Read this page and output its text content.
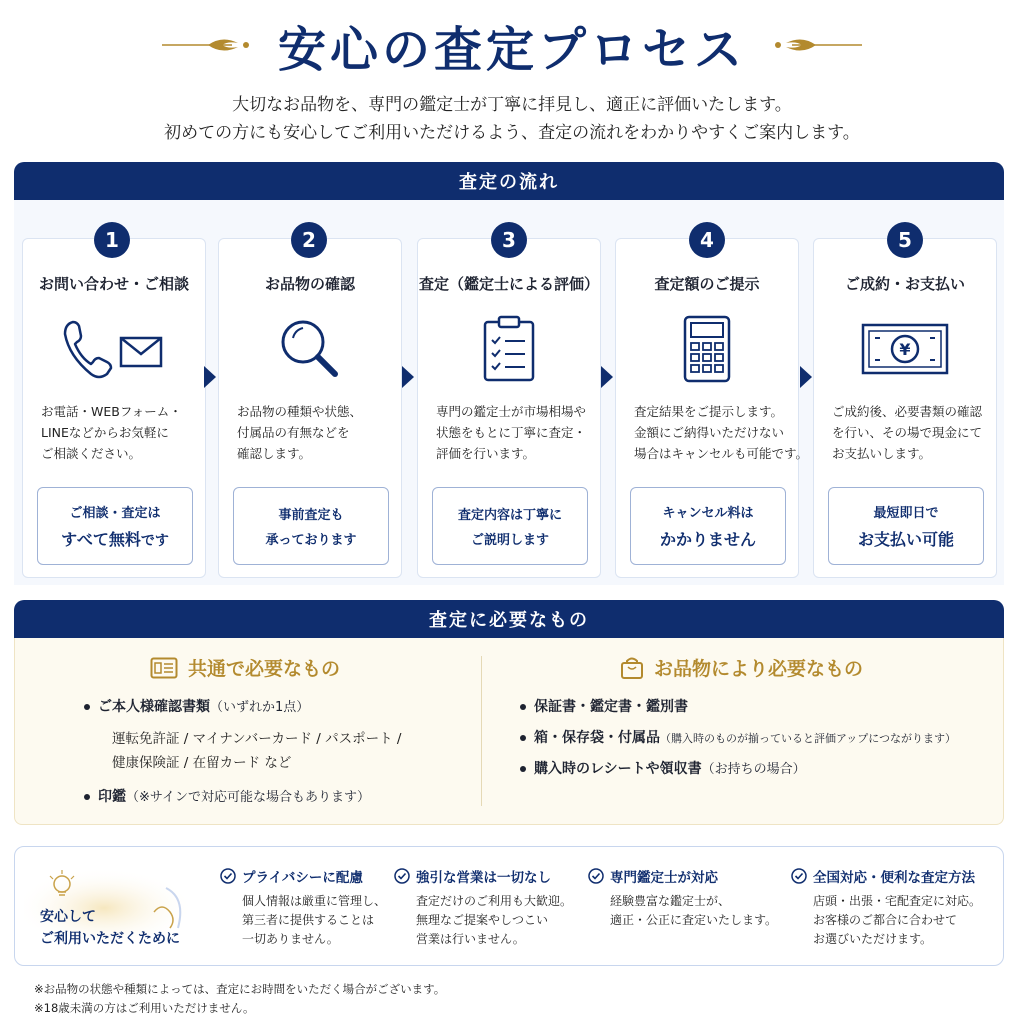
安心の査定プロセス
大切なお品物を、専門の鑑定士が丁寧に拝見し、適正に評価いたします。
初めての方にも安心してご利用いただけるよう、査定の流れをわかりやすくご案内します。
査定の流れ
お問い合わせ・ご相談
お電話・WEBフォーム・
LINEなどからお気軽に
ご相談ください。
ご相談・査定は
すべて無料です
1
お品物の確認
お品物の種類や状態、
付属品の有無などを
確認します。
事前査定も
承っております
2
査定（鑑定士による評価）
専門の鑑定士が市場相場や
状態をもとに丁寧に査定・
評価を行います。
査定内容は丁寧に
ご説明します
3
査定額のご提示
査定結果をご提示します。
金額にご納得いただけない
場合はキャンセルも可能です。
キャンセル料は
かかりません
4
ご成約・お支払い
¥
ご成約後、必要書類の確認
を行い、その場で現金にて
お支払いします。
最短即日で
お支払い可能
5
査定に必要なもの
共通で必要なもの
ご本人様確認書類（いずれか1点）
運転免許証 / マイナンバーカード / パスポート /
健康保険証 / 在留カード など
印鑑（※サインで対応可能な場合もあります）
お品物により必要なもの
保証書・鑑定書・鑑別書
箱・保存袋・付属品（購入時のものが揃っていると評価アップにつながります）
購入時のレシートや領収書（お持ちの場合）
安心して
ご利用いただくために
プライバシーに配慮
個人情報は厳重に管理し、
第三者に提供することは
一切ありません。
強引な営業は一切なし
査定だけのご利用も大歓迎。
無理なご提案やしつこい
営業は行いません。
専門鑑定士が対応
経験豊富な鑑定士が、
適正・公正に査定いたします。
全国対応・便利な査定方法
店頭・出張・宅配査定に対応。
お客様のご都合に合わせて
お選びいただけます。
※お品物の状態や種類によっては、査定にお時間をいただく場合がございます。
※18歳未満の方はご利用いただけません。
